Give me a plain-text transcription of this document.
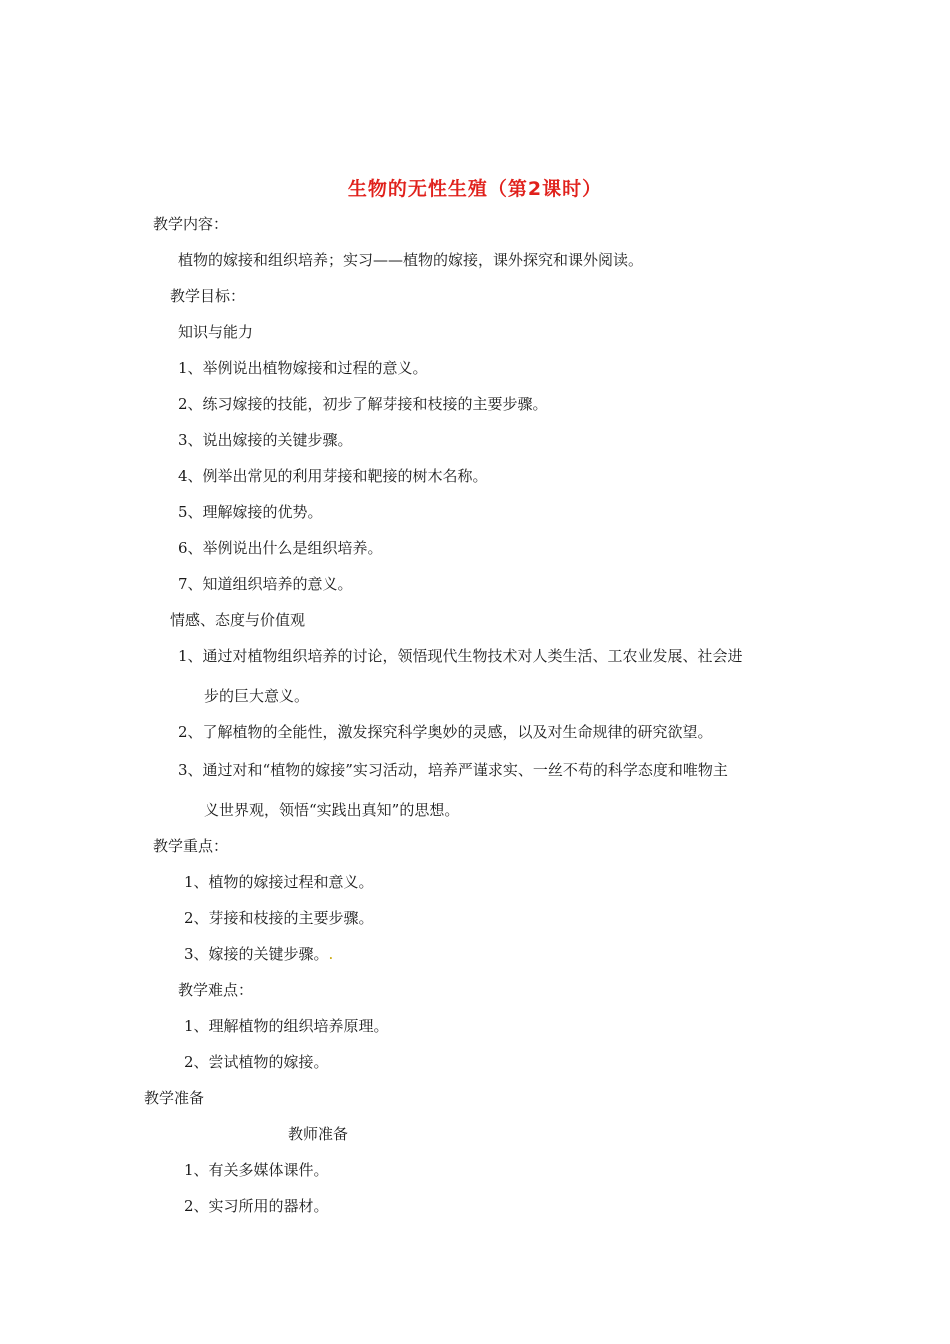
生物的无性生殖（第2课时）
教学内容：
植物的嫁接和组织培养；实习——植物的嫁接，课外探究和课外阅读。
教学目标：
知识与能力
1、举例说出植物嫁接和过程的意义。
2、练习嫁接的技能，初步了解芽接和枝接的主要步骤。
3、说出嫁接的关键步骤。
4、例举出常见的利用芽接和靶接的树木名称。
5、理解嫁接的优势。
6、举例说出什么是组织培养。
7、知道组织培养的意义。
情感、态度与价值观
1、通过对植物组织培养的讨论，领悟现代生物技术对人类生活、工农业发展、社会进
步的巨大意义。
2、了解植物的全能性，激发探究科学奥妙的灵感，以及对生命规律的研究欲望。
3、通过对和“植物的嫁接”实习活动，培养严谨求实、一丝不苟的科学态度和唯物主
义世界观，领悟“实践出真知”的思想。
教学重点：
1、植物的嫁接过程和意义。
2、芽接和枝接的主要步骤。
3、嫁接的关键步骤。.
教学难点：
1、理解植物的组织培养原理。
2、尝试植物的嫁接。
教学准备
教师准备
1、有关多媒体课件。
2、实习所用的器材。
